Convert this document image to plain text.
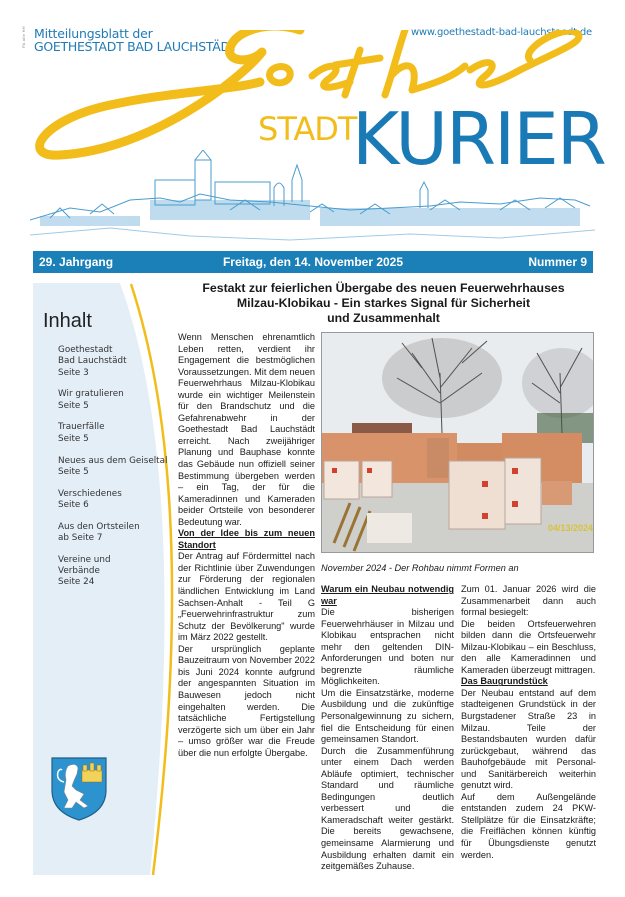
PA alle HH Mitteilungsblatt der
GOETHESTADT BAD LAUCHSTÄDT
www.goethestadt-bad-lauchstaedt.de
STADT
KURIER
29. Jahrgang	Freitag, den 14. November 2025	Nummer 9
Inhalt
Goethestadt
Bad Lauchstädt
Seite 3
Wir gratulieren
Seite 5
Trauerfälle
Seite 5
Neues aus dem Geiseltal
Seite 5
Verschiedenes
Seite 6
Aus den Ortsteilen
ab Seite 7
Vereine und
Verbände
Seite 24
Festakt zur feierlichen Übergabe des neuen Feuerwehrhauses
Milzau-Klobikau - Ein starkes Signal für Sicherheit
und Zusammenhalt

Wenn Menschen ehrenamtlich Leben retten, verdient ihr Engagement die bestmöglichen Voraussetzungen. Mit dem neuen Feuerwehrhaus Milzau-Klobikau wurde ein wichtiger Meilenstein für den Brandschutz und die Gefahrenabwehr in der Goethestadt Bad Lauchstädt erreicht. Nach zweijähriger Planung und Bauphase konnte das Gebäude nun offiziell seiner Bestimmung übergeben werden – ein Tag, der für die Kameradinnen und Kameraden beider Ortsteile von besonderer Bedeutung war.

Von der Idee bis zum neuen Standort

Der Antrag auf Fördermittel nach der Richtlinie über Zuwendungen zur Förderung der regionalen ländlichen Entwicklung im Land Sachsen-Anhalt - Teil G „Feuerwehrinfrastruktur zum Schutz der Bevölkerung" wurde im März 2022 gestellt.

Der ursprünglich geplante Bauzeitraum von November 2022 bis Juni 2024 konnte aufgrund der angespannten Situation im Bauwesen jedoch nicht eingehalten werden. Die tatsächliche Fertigstellung verzögerte sich um über ein Jahr – umso größer war die Freude über die nun erfolgte Übergabe.

04/13/2024
November 2024 - Der Rohbau nimmt Formen an

Warum ein Neubau notwendig war

Die bisherigen Feuerwehrhäuser in Milzau und Klobikau entsprachen nicht mehr den geltenden DIN-Anforderungen und boten nur begrenzte räumliche Möglichkeiten.

Um die Einsatzstärke, moderne Ausbildung und die zukünftige Personalgewinnung zu sichern, fiel die Entscheidung für einen gemeinsamen Standort.

Durch die Zusammenführung unter einem Dach werden Abläufe optimiert, technischer Standard und räumliche Bedingungen deutlich verbessert und die Kameradschaft weiter gestärkt. Die bereits gewachsene, gemeinsame Alarmierung und Ausbildung erhalten damit ein zeitgemäßes Zuhause.

Zum 01. Januar 2026 wird die Zusammenarbeit dann auch formal besiegelt:

Die beiden Ortsfeuerwehren bilden dann die Ortsfeuerwehr Milzau-Klobikau – ein Beschluss, den alle Kameradinnen und Kameraden überzeugt mittragen.

Das Baugrundstück

Der Neubau entstand auf dem stadteigenen Grundstück in der Burgstadener Straße 23 in Milzau. Teile der Bestandsbauten wurden dafür zurückgebaut, während das Bauhofgebäude mit Personal- und Sanitärbereich weiterhin genutzt wird.

Auf dem Außengelände entstanden zudem 24 PKW-Stellplätze für die Einsatzkräfte; die Freiflächen können künftig für Übungsdienste genutzt werden.
